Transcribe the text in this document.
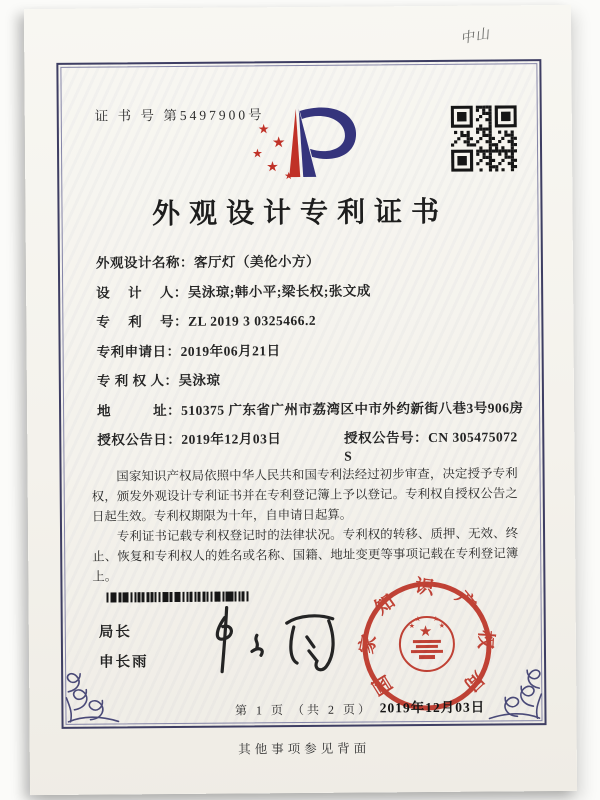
中山
证 书 号 第5497900号
★
★
★
★
★
外观设计专利证书
外观设计名称：客厅灯（美伦小方）
设　 计 　人：吴泳琼;韩小平;梁长权;张文成
专　 利 　号：ZL 2019 3 0325466.2
专利申请日：2019年06月21日
专 利 权 人：吴泳琼
地　　　址：510375 广东省广州市荔湾区中市外约新街八巷3号906房
授权公告日：2019年12月03日	授权公告号：CN 305475072 S

国家知识产权局依照中华人民共和国专利法经过初步审查，决定授予专利权，颁发外观设计专利证书并在专利登记簿上予以登记。专利权自授权公告之日起生效。专利权期限为十年，自申请日起算。

专利证书记载专利权登记时的法律状况。专利权的转移、质押、无效、终止、恢复和专利权人的姓名或名称、国籍、地址变更等事项记载在专利登记簿上。

局长
申长雨	国家知识产权局
★
★
★ ★
★
2019年12月03日
第 1 页 （共 2 页）
其他事项参见背面
